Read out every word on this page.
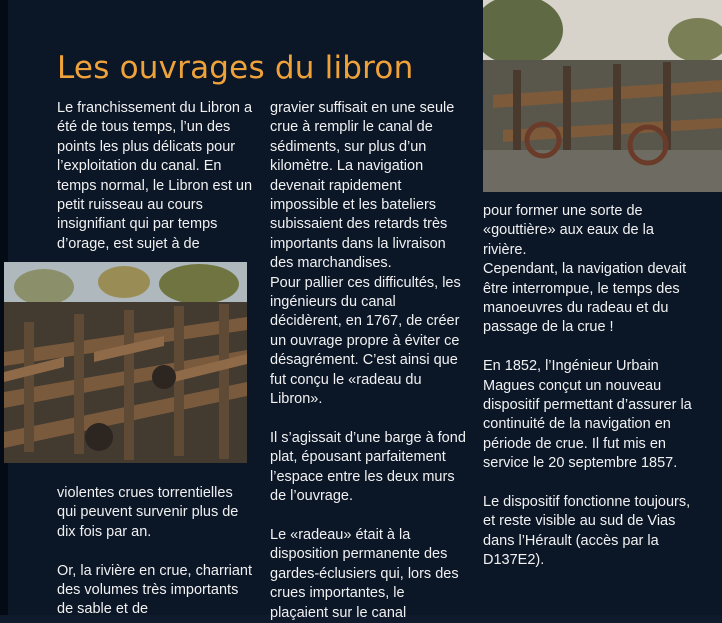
Les ouvrages du libron

Le franchissement du Libron a été de tous temps, l’un des points les plus délicats pour l’exploitation du canal. En temps normal, le Libron est un petit ruisseau au cours insignifiant qui par temps d’orage, est sujet à de

violentes crues torrentielles qui peuvent survenir plus de dix fois par an.

Or, la rivière en crue, charriant des volumes très importants de sable et de

gravier suffisait en une seule crue à remplir le canal de sédiments, sur plus d’un kilomètre. La navigation devenait rapidement impossible et les bateliers subissaient des retards très importants dans la livraison des marchandises.
Pour pallier ces difficultés, les ingénieurs du canal décidèrent, en 1767, de créer un ouvrage propre à éviter ce désagrément. C’est ainsi que fut conçu le «radeau du Libron».

Il s’agissait d’une barge à fond plat, épousant parfaitement l’espace entre les deux murs de l’ouvrage.

Le «radeau» était à la disposition permanente des gardes-éclusiers qui, lors des crues importantes, le plaçaient sur le canal

pour former une sorte de «gouttière» aux eaux de la rivière.
Cependant, la navigation devait être interrompue, le temps des manoeuvres du radeau et du passage de la crue !

En 1852, l’Ingénieur Urbain Magues conçut un nouveau dispositif permettant d’assurer la continuité de la navigation en période de crue. Il fut mis en service le 20 septembre 1857.

Le dispositif fonctionne toujours, et reste visible au sud de Vias dans l’Hérault (accès par la D137E2).
